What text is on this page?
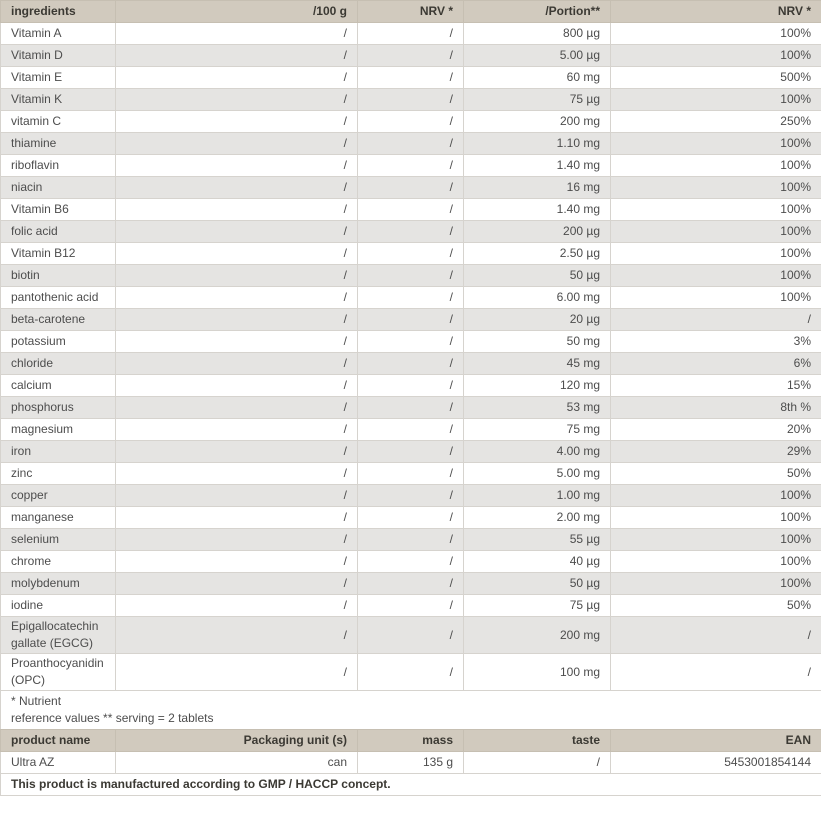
ingredients	/100 g	NRV *	/Portion**	NRV *
Vitamin A	/	/	800 µg	100%
Vitamin D	/	/	5.00 µg	100%
Vitamin E	/	/	60 mg	500%
Vitamin K	/	/	75 µg	100%
vitamin C	/	/	200 mg	250%
thiamine	/	/	1.10 mg	100%
riboflavin	/	/	1.40 mg	100%
niacin	/	/	16 mg	100%
Vitamin B6	/	/	1.40 mg	100%
folic acid	/	/	200 µg	100%
Vitamin B12	/	/	2.50 µg	100%
biotin	/	/	50 µg	100%
pantothenic acid	/	/	6.00 mg	100%
beta-carotene	/	/	20 µg	/
potassium	/	/	50 mg	3%
chloride	/	/	45 mg	6%
calcium	/	/	120 mg	15%
phosphorus	/	/	53 mg	8th %
magnesium	/	/	75 mg	20%
iron	/	/	4.00 mg	29%
zinc	/	/	5.00 mg	50%
copper	/	/	1.00 mg	100%
manganese	/	/	2.00 mg	100%
selenium	/	/	55 µg	100%
chrome	/	/	40 µg	100%
molybdenum	/	/	50 µg	100%
iodine	/	/	75 µg	50%
Epigallocatechin gallate (EGCG)	/	/	200 mg	/
Proanthocyanidin (OPC)	/	/	100 mg	/

* Nutrient
reference values ** serving = 2 tablets				
product name	Packaging unit (s)	mass	taste	EAN
Ultra AZ	can	135 g	/	5453001854144
This product is manufactured according to GMP / HACCP concept.				
